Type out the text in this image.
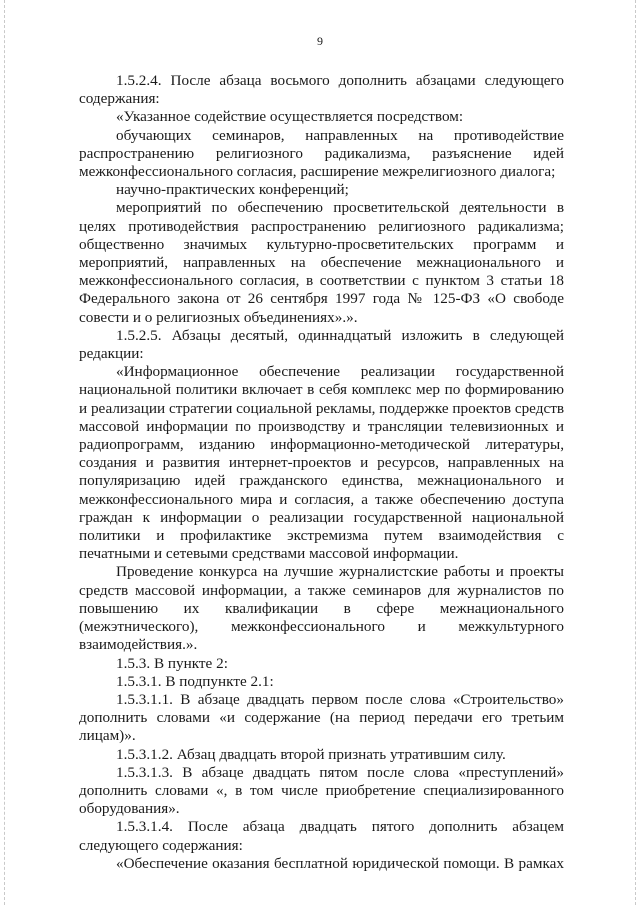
9

1.5.2.4. После абзаца восьмого дополнить абзацами следующего содержания:

«Указанное содействие осуществляется посредством:

обучающих семинаров, направленных на противодействие распространению религиозного радикализма, разъяснение идей межконфессионального согласия, расширение межрелигиозного диалога;

научно-практических конференций;

мероприятий по обеспечению просветительской деятельности в целях противодействия распространению религиозного радикализма; общественно значимых культурно-просветительских программ и мероприятий, направленных на обеспечение межнационального и межконфессионального согласия, в соответствии с пунктом 3 статьи 18 Федерального закона от 26 сентября 1997 года № 125-ФЗ «О свободе совести и о религиозных объединениях».».

1.5.2.5. Абзацы десятый, одиннадцатый изложить в следующей редакции:

«Информационное обеспечение реализации государственной национальной политики включает в себя комплекс мер по формированию и реализации стратегии социальной рекламы, поддержке проектов средств массовой информации по производству и трансляции телевизионных и радиопрограмм, изданию информационно-методической литературы, создания и развития интернет-проектов и ресурсов, направленных на популяризацию идей гражданского единства, межнационального и межконфессионального мира и согласия, а также обеспечению доступа граждан к информации о реализации государственной национальной политики и профилактике экстремизма путем взаимодействия с печатными и сетевыми средствами массовой информации.

Проведение конкурса на лучшие журналистские работы и проекты средств массовой информации, а также семинаров для журналистов по повышению их квалификации в сфере межнационального (межэтнического), межконфессионального и межкультурного взаимодействия.».

1.5.3. В пункте 2:

1.5.3.1. В подпункте 2.1:

1.5.3.1.1. В абзаце двадцать первом после слова «Строительство» дополнить словами «и содержание (на период передачи его третьим лицам)».

1.5.3.1.2. Абзац двадцать второй признать утратившим силу.

1.5.3.1.3. В абзаце двадцать пятом после слова «преступлений» дополнить словами «, в том числе приобретение специализированного оборудования».

1.5.3.1.4. После абзаца двадцать пятого дополнить абзацем следующего содержания:

«Обеспечение оказания бесплатной юридической помощи. В рамках
